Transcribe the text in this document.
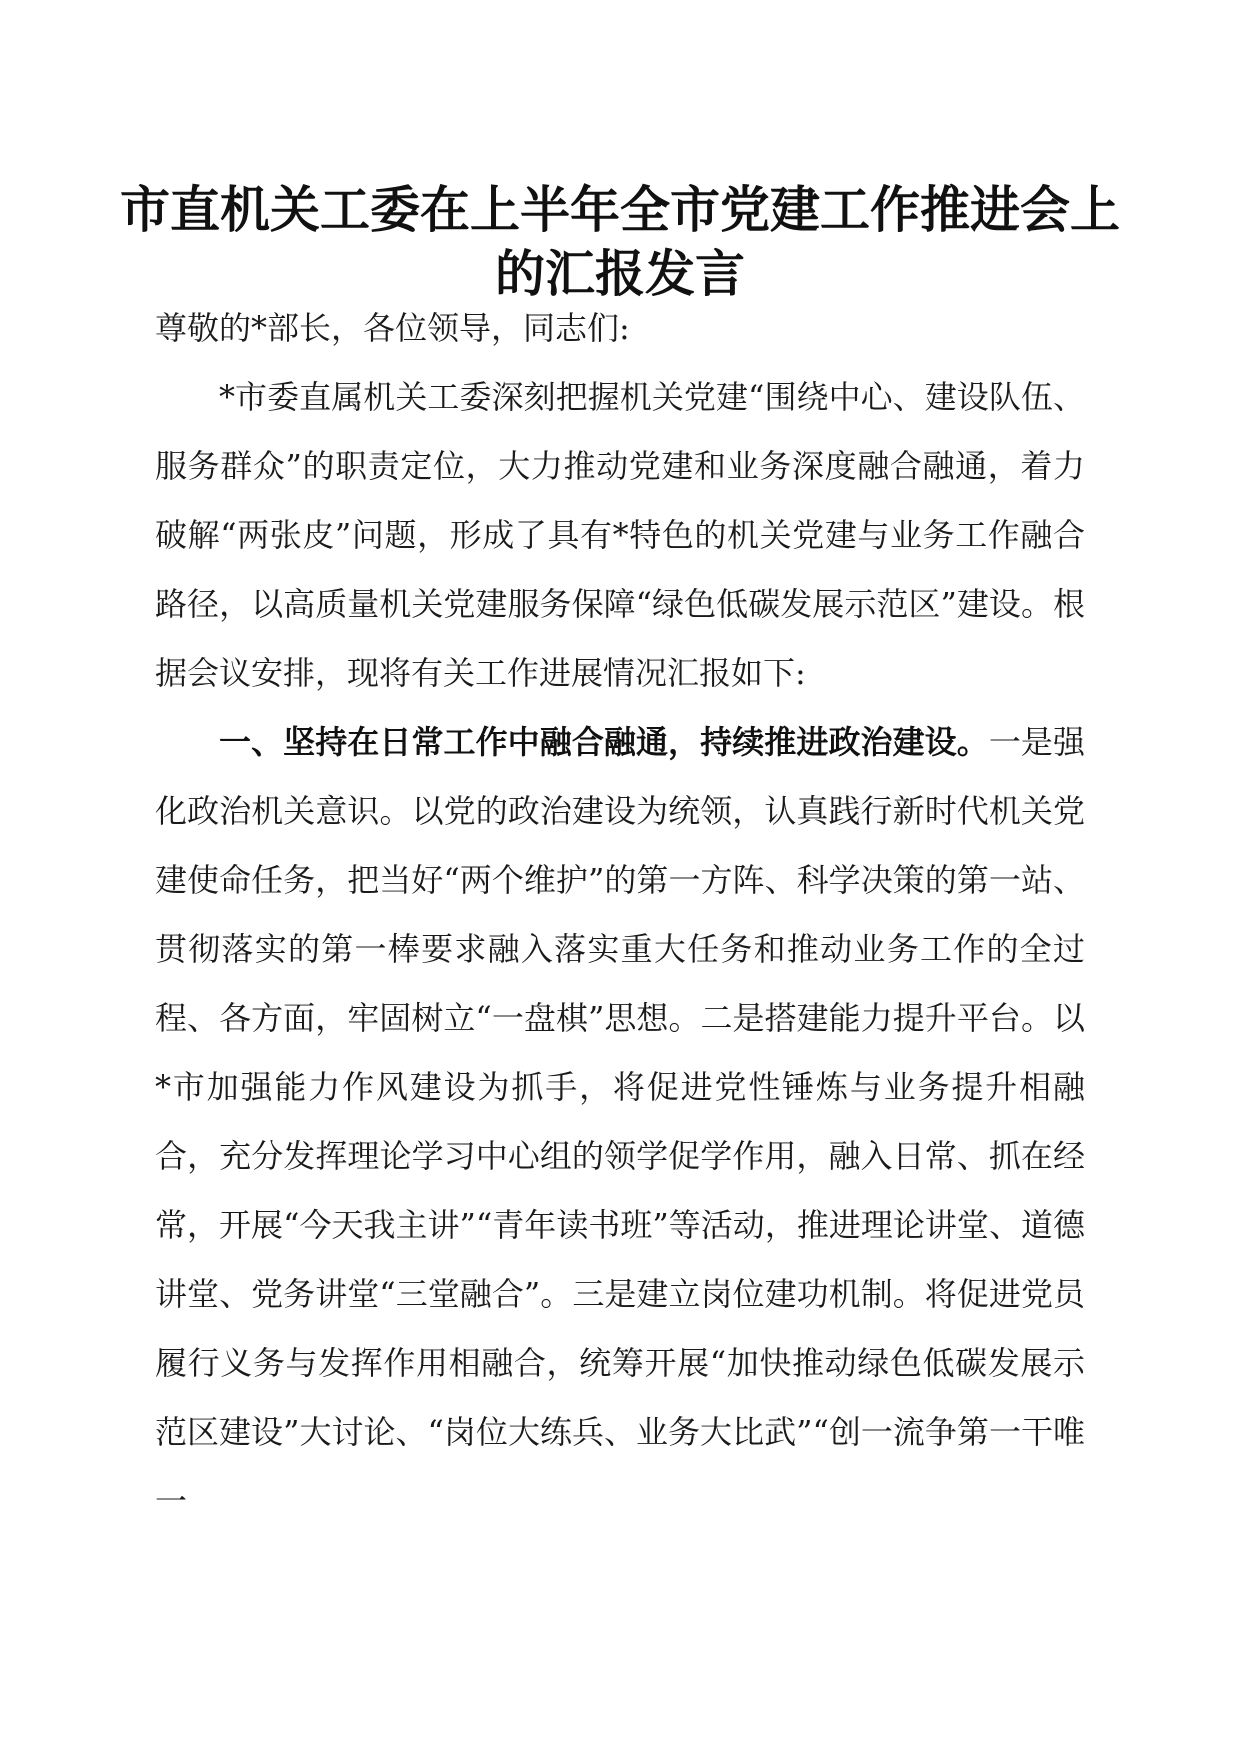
市直机关工委在上半年全市党建工作推进会上
的汇报发言

尊敬的*部长，各位领导，同志们:

*市委直属机关工委深刻把握机关党建“围绕中心、建设队伍、服务群众”的职责定位，大力推动党建和业务深度融合融通，着力破解“两张皮”问题，形成了具有*特色的机关党建与业务工作融合路径，以高质量机关党建服务保障“绿色低碳发展示范区”建设。根据会议安排，现将有关工作进展情况汇报如下:

一、坚持在日常工作中融合融通，持续推进政治建设。一是强化政治机关意识。以党的政治建设为统领，认真践行新时代机关党建使命任务，把当好“两个维护”的第一方阵、科学决策的第一站、贯彻落实的第一棒要求融入落实重大任务和推动业务工作的全过程、各方面，牢固树立“一盘棋”思想。二是搭建能力提升平台。以*市加强能力作风建设为抓手，将促进党性锤炼与业务提升相融合，充分发挥理论学习中心组的领学促学作用，融入日常、抓在经常，开展“今天我主讲”“青年读书班”等活动，推进理论讲堂、道德讲堂、党务讲堂“三堂融合”。三是建立岗位建功机制。将促进党员履行义务与发挥作用相融合，统筹开展“加快推动绿色低碳发展示范区建设”大讨论、“岗位大练兵、业务大比武”“创一流争第一干唯一
